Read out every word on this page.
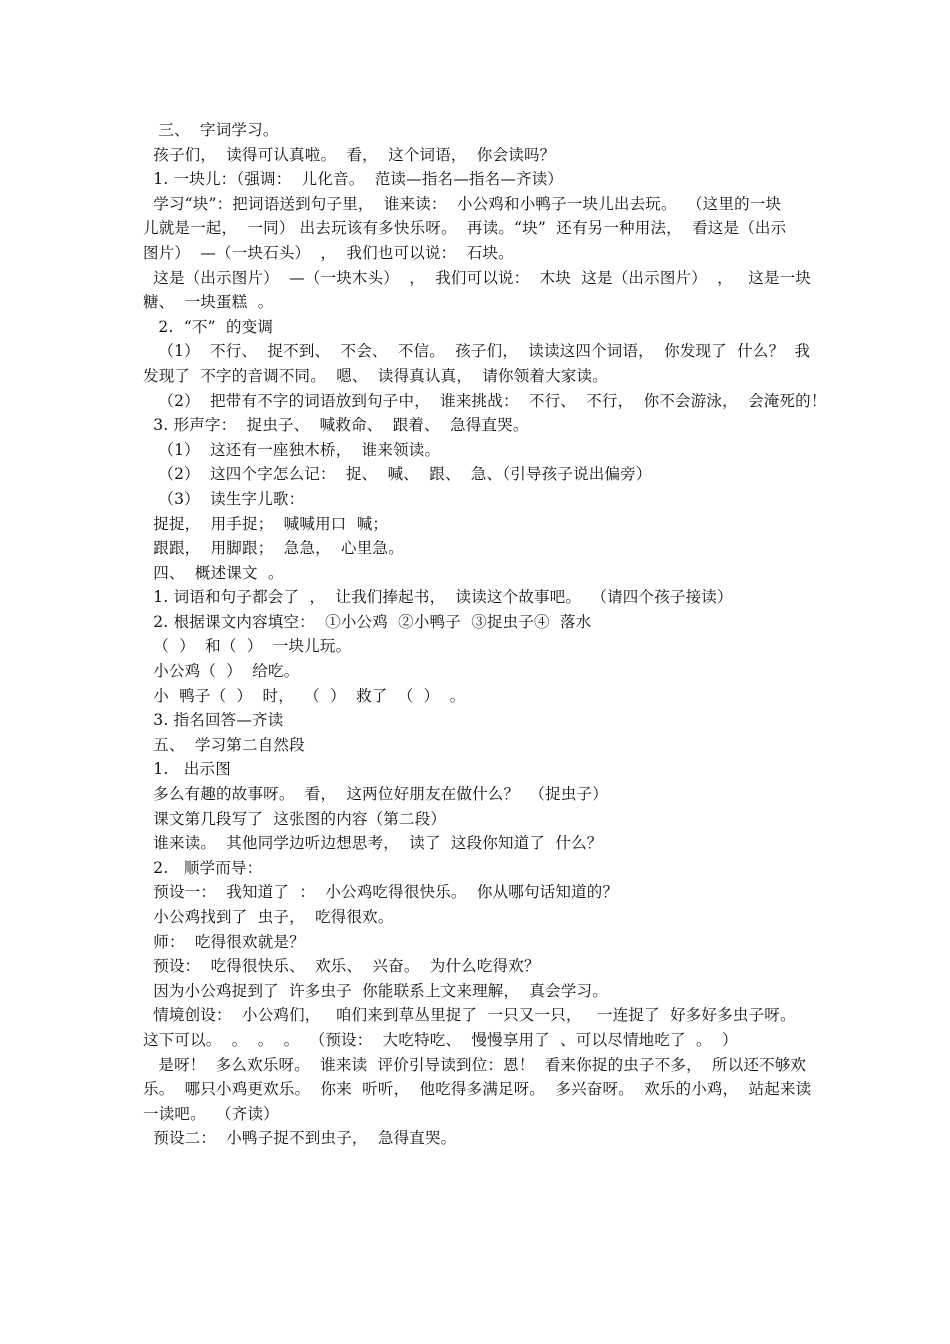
三、  字词学习。
孩子们，  读得可认真啦。  看，  这个词语，  你会读吗？
1. 一块儿：（强调：  儿化音。  范读—指名—指名—齐读）
学习“块”：把词语送到句子里，  谁来读：  小公鸡和小鸭子一块儿出去玩。  （这里的一块
儿就是一起，  一同） 出去玩该有多快乐呀。  再读。“块”  还有另一种用法，  看这是（出示
图片）  —（一块石头）  ，  我们也可以说：  石块。
这是（出示图片）  —（一块木头）  ，  我们可以说：  木块  这是（出示图片）  ，   这是一块
糖、  一块蛋糕  。
2.  “不”  的变调
（1）  不行、  捉不到、  不会、  不信。  孩子们，  读读这四个词语，  你发现了  什么？  我
发现了  不字的音调不同。  嗯、  读得真认真，  请你领着大家读。
（2）  把带有不字的词语放到句子中，  谁来挑战：  不行、  不行，  你不会游泳，  会淹死的！
3. 形声字：  捉虫子、  喊救命、  跟着、  急得直哭。
（1）  这还有一座独木桥，  谁来领读。
（2）  这四个字怎么记：  捉、  喊、  跟、  急、（引导孩子说出偏旁）
（3）  读生字儿歌：
捉捉，  用手捉；  喊喊用口  喊；
跟跟，  用脚跟；  急急，  心里急。
四、  概述课文  。
1. 词语和句子都会了  ，  让我们捧起书，  读读这个故事吧。  （请四个孩子接读）
2. 根据课文内容填空：  ①小公鸡  ②小鸭子  ③捉虫子④  落水
（  ）  和（  ）  一块儿玩。
小公鸡（  ）  给吃。
小  鸭子（  ）  时，  （  ）  救了  （  ）  。
3. 指名回答—齐读
五、  学习第二自然段
1.   出示图
多么有趣的故事呀。  看，  这两位好朋友在做什么？  （捉虫子）
课文第几段写了  这张图的内容（第二段）
谁来读。  其他同学边听边想思考，  读了  这段你知道了  什么？
2.   顺学而导：
预设一：  我知道了  ：  小公鸡吃得很快乐。  你从哪句话知道的？
小公鸡找到了  虫子，  吃得很欢。
师：  吃得很欢就是？
预设：  吃得很快乐、  欢乐、  兴奋。  为什么吃得欢？
因为小公鸡捉到了  许多虫子  你能联系上文来理解，  真会学习。
情境创设：  小公鸡们，   咱们来到草丛里捉了  一只又一只，   一连捉了  好多好多虫子呀。
这下可以。  。  。  。  （预设：  大吃特吃、  慢慢享用了  、可以尽情地吃了  。  ）
是呀！  多么欢乐呀。  谁来读  评价引导读到位：恩！  看来你捉的虫子不多，  所以还不够欢
乐。  哪只小鸡更欢乐。  你来  听听，  他吃得多满足呀。  多兴奋呀。  欢乐的小鸡，  站起来读
一读吧。  （齐读）
预设二：  小鸭子捉不到虫子，  急得直哭。
